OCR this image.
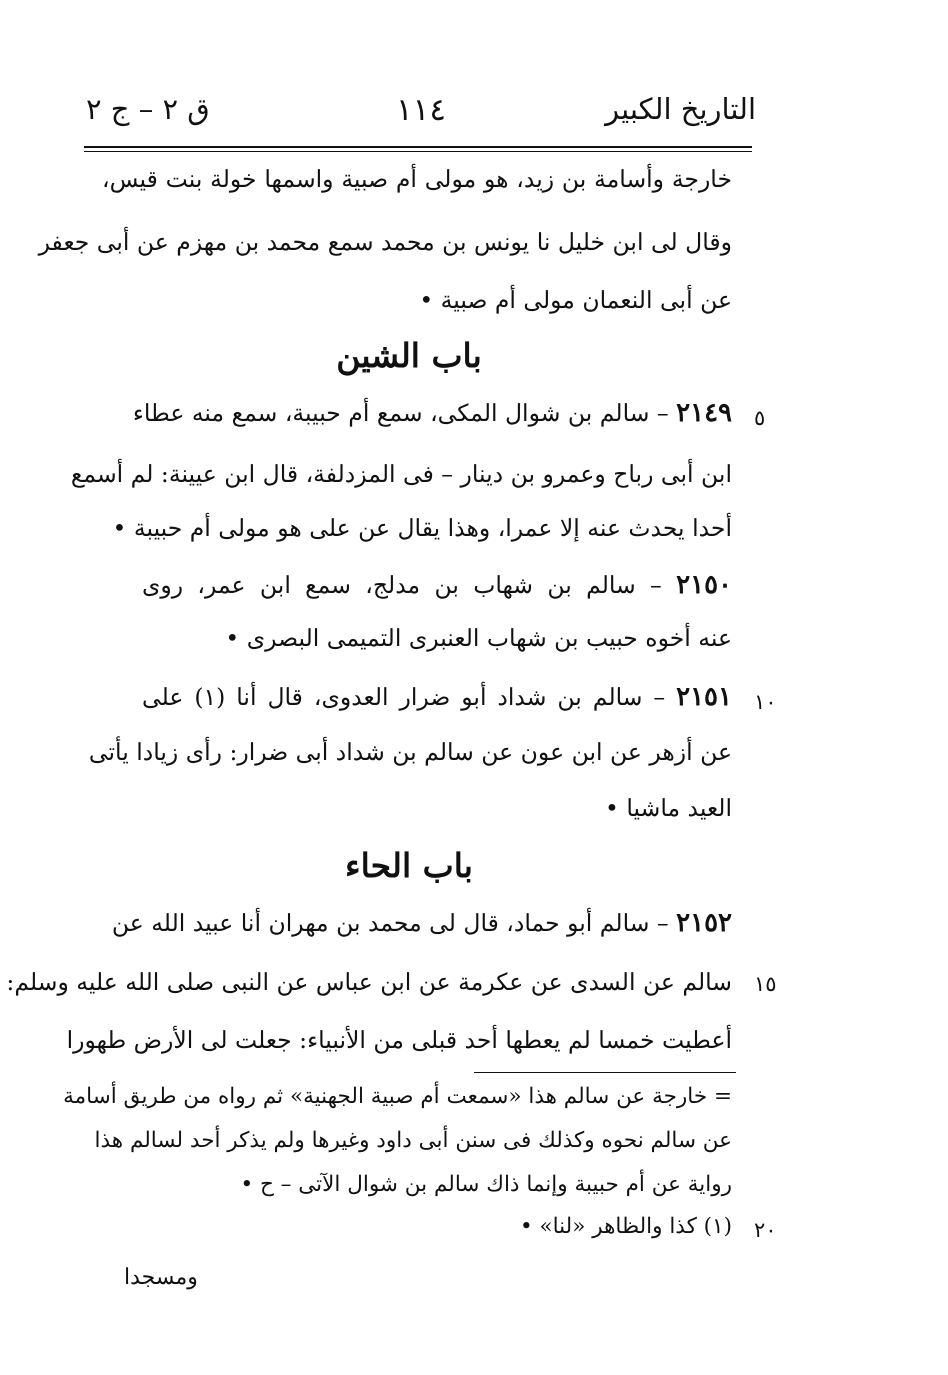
التاريخ الكبير
١١٤
ق ٢ – ج ٢
خارجة وأسامة بن زيد، هو مولى أم صبية واسمها خولة بنت قيس،
وقال لى ابن خليل نا يونس بن محمد سمع محمد بن مهزم عن أبى جعفر
عن أبى النعمان مولى أم صبية •
باب الشين
٢١٤٩ – سالم بن شوال المكى، سمع أم حبيبة، سمع منه عطاء	٥
ابن أبى رباح وعمرو بن دينار – فى المزدلفة، قال ابن عيينة: لم أسمع
أحدا يحدث عنه إلا عمرا، وهذا يقال عن على هو مولى أم حبيبة •
٢١٥٠ – سالم بن شهاب بن مدلج، سمع ابن عمر، روى
عنه أخوه حبيب بن شهاب العنبرى التميمى البصرى •
٢١٥١ – سالم بن شداد أبو ضرار العدوى، قال أنا (١) على	١٠
عن أزهر عن ابن عون عن سالم بن شداد أبى ضرار: رأى زيادا يأتى
العيد ماشيا •
باب الحاء
٢١٥٢ – سالم أبو حماد، قال لى محمد بن مهران أنا عبيد الله عن
سالم عن السدى عن عكرمة عن ابن عباس عن النبى صلى الله عليه وسلم: ١٥
أعطيت خمسا لم يعطها أحد قبلى من الأنبياء: جعلت لى الأرض طهورا
= خارجة عن سالم هذا «سمعت أم صبية الجهنية» ثم رواه من طريق أسامة
عن سالم نحوه وكذلك فى سنن أبى داود وغيرها ولم يذكر أحد لسالم هذا
رواية عن أم حبيبة وإنما ذاك سالم بن شوال الآتى – ح •
(١) كذا والظاهر «لنا» • ٢٠
ومسجدا
